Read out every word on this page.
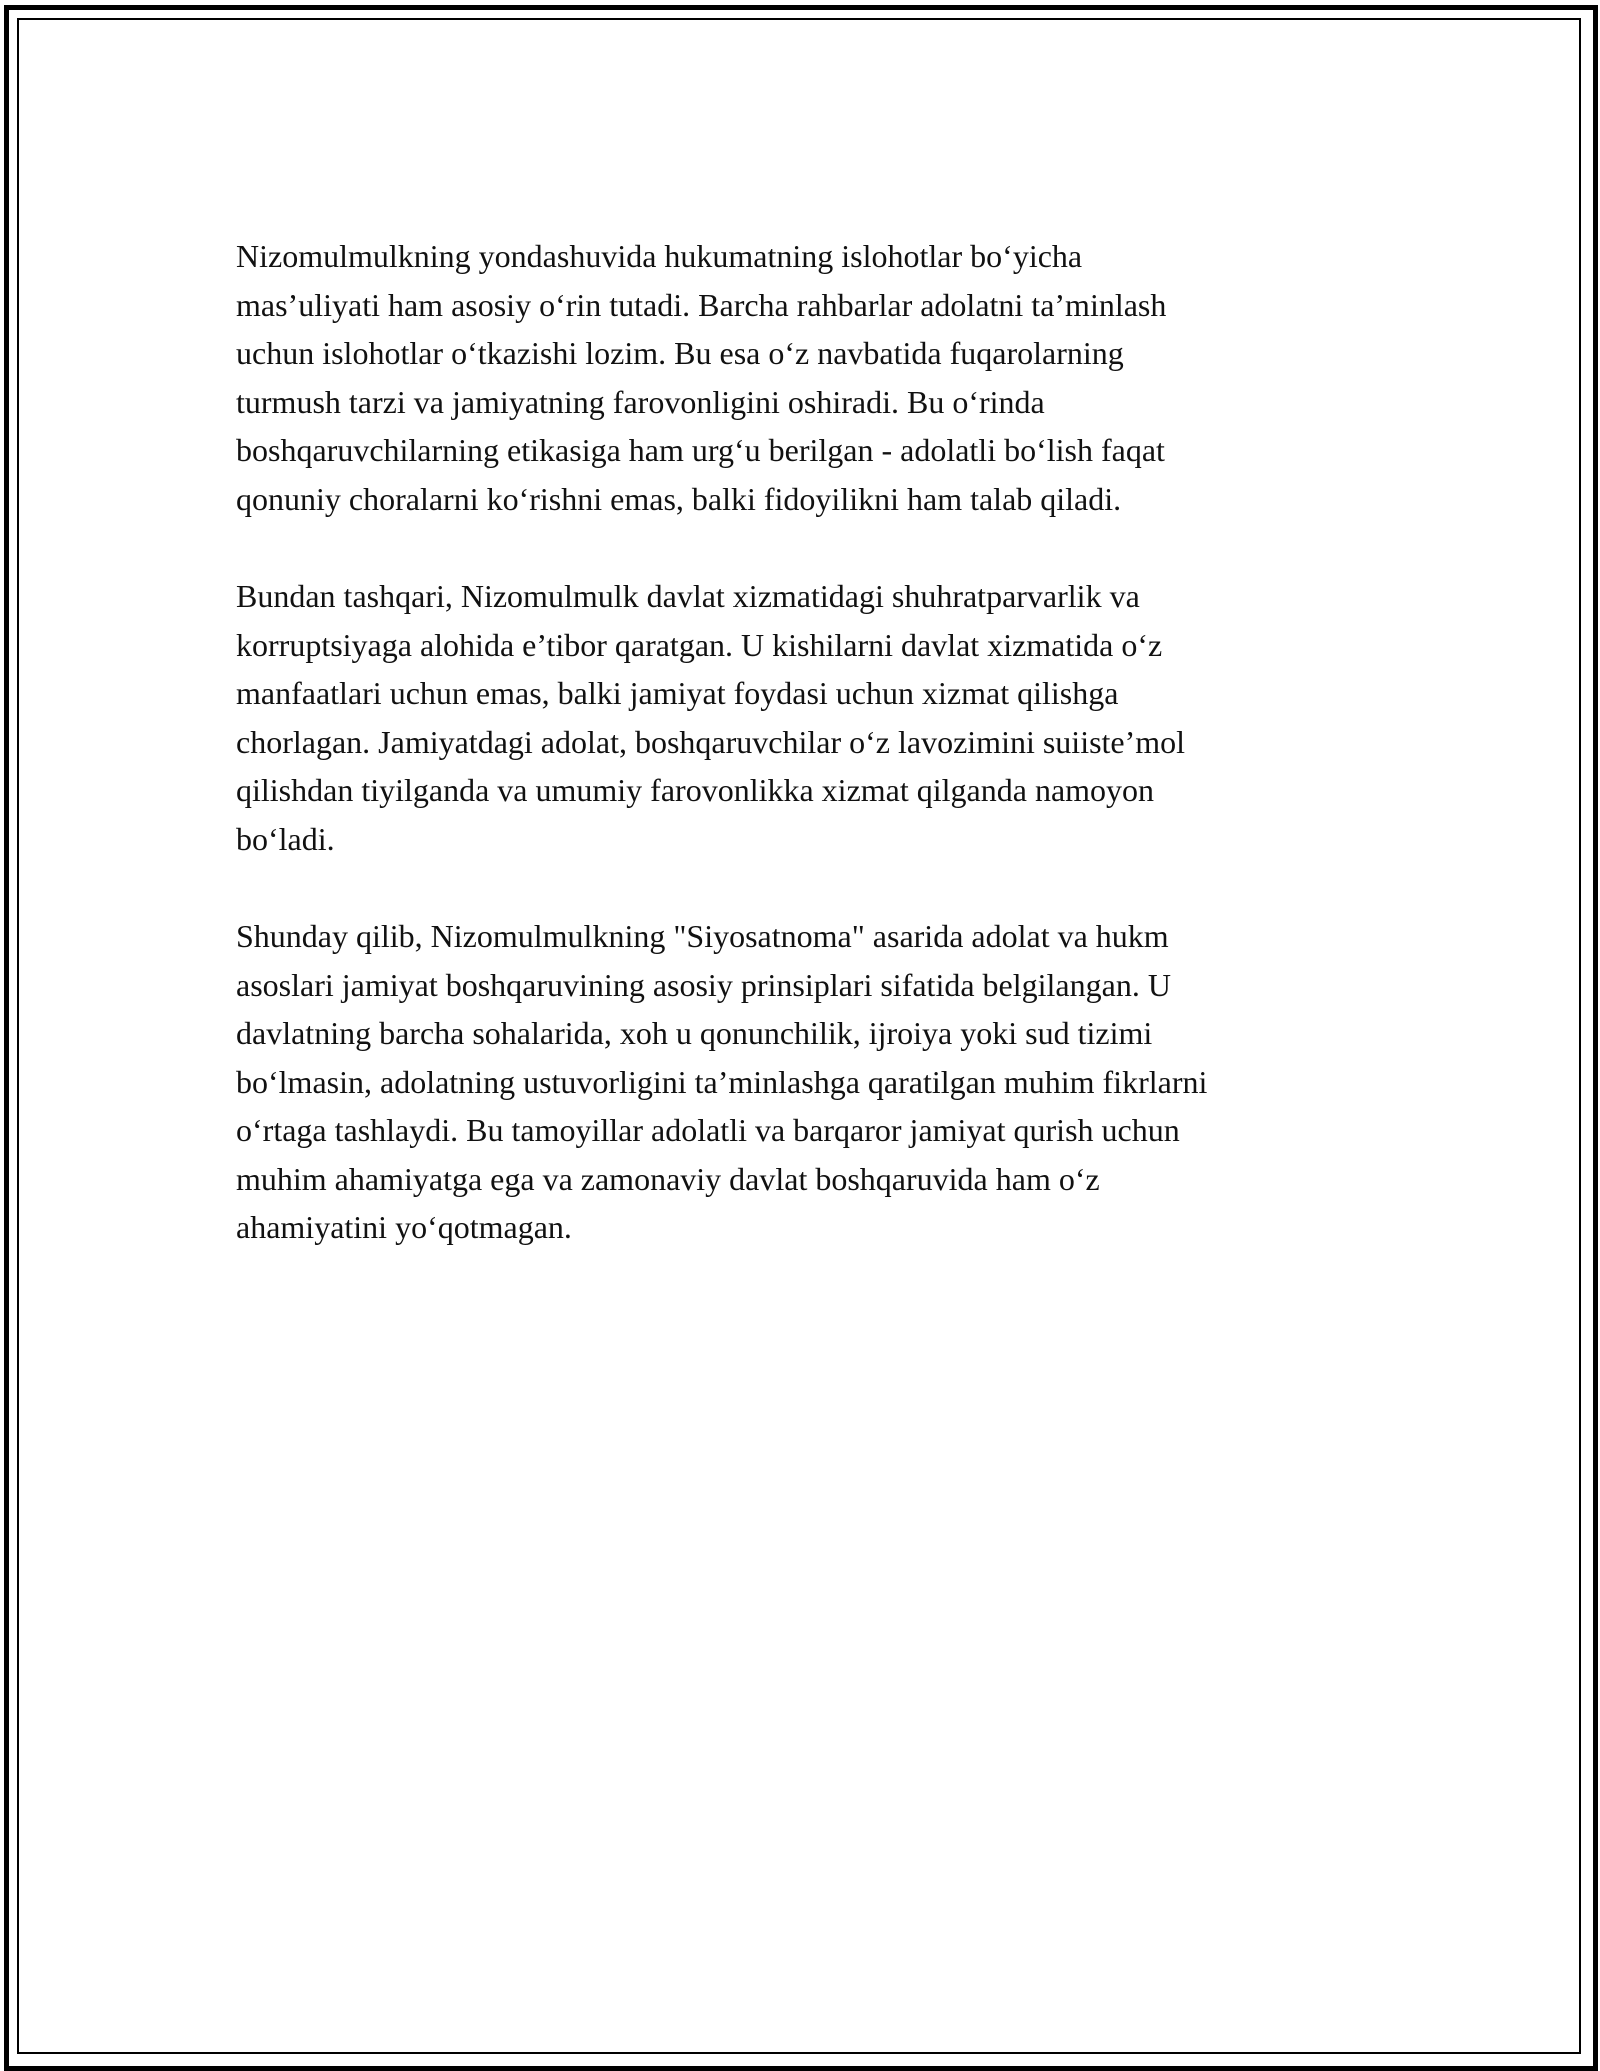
Nizomulmulkning yondashuvida hukumatning islohotlar bo‘yicha
mas’uliyati ham asosiy o‘rin tutadi. Barcha rahbarlar adolatni ta’minlash
uchun islohotlar o‘tkazishi lozim. Bu esa o‘z navbatida fuqarolarning
turmush tarzi va jamiyatning farovonligini oshiradi. Bu o‘rinda
boshqaruvchilarning etikasiga ham urg‘u berilgan - adolatli bo‘lish faqat
qonuniy choralarni ko‘rishni emas, balki fidoyilikni ham talab qiladi.

Bundan tashqari, Nizomulmulk davlat xizmatidagi shuhratparvarlik va
korruptsiyaga alohida e’tibor qaratgan. U kishilarni davlat xizmatida o‘z
manfaatlari uchun emas, balki jamiyat foydasi uchun xizmat qilishga
chorlagan. Jamiyatdagi adolat, boshqaruvchilar o‘z lavozimini suiiste’mol
qilishdan tiyilganda va umumiy farovonlikka xizmat qilganda namoyon
bo‘ladi.

Shunday qilib, Nizomulmulkning "Siyosatnoma" asarida adolat va hukm
asoslari jamiyat boshqaruvining asosiy prinsiplari sifatida belgilangan. U
davlatning barcha sohalarida, xoh u qonunchilik, ijroiya yoki sud tizimi
bo‘lmasin, adolatning ustuvorligini ta’minlashga qaratilgan muhim fikrlarni
o‘rtaga tashlaydi. Bu tamoyillar adolatli va barqaror jamiyat qurish uchun
muhim ahamiyatga ega va zamonaviy davlat boshqaruvida ham o‘z
ahamiyatini yo‘qotmagan.
